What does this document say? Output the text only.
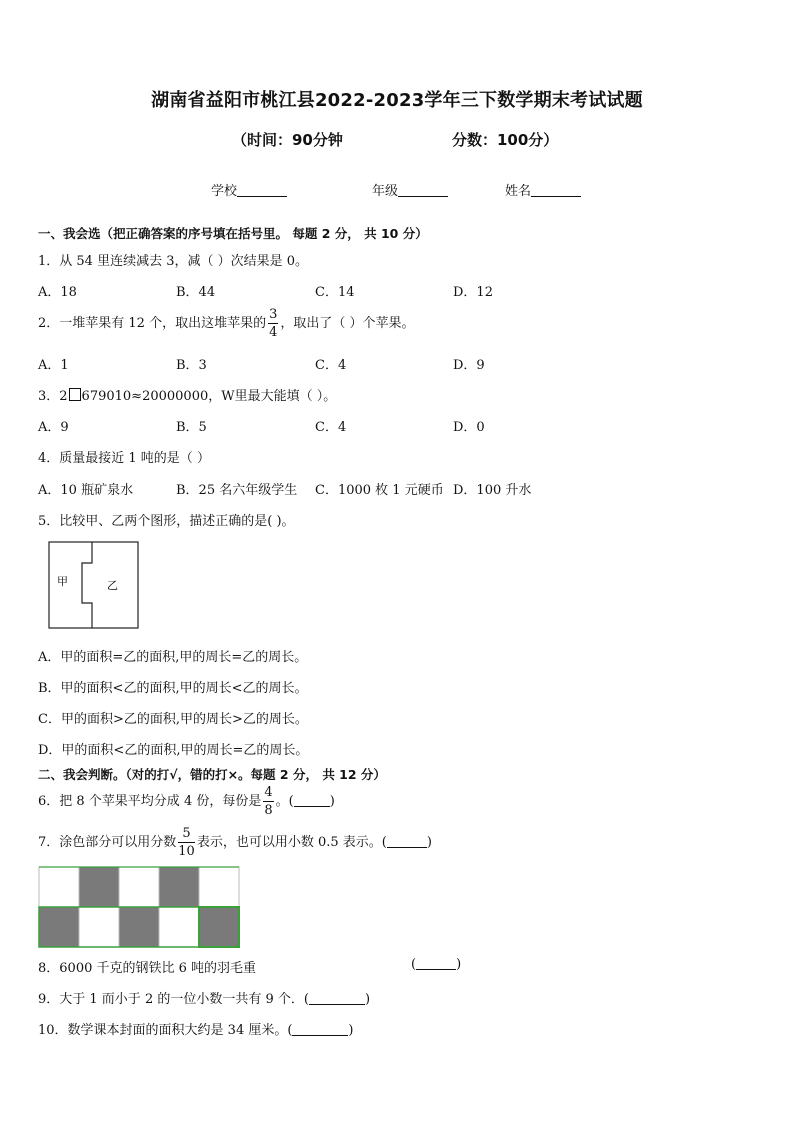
湖南省益阳市桃江县2022-2023学年三下数学期末考试试题
（时间：90分钟	分数：100分）
学校	年级	姓名
一、我会选（把正确答案的序号填在括号里。 每题 2 分， 共 10 分）
1．从 54 里连续减去 3，减（ ）次结果是 0。
A．18	B．44	C．14	D．12
2．一堆苹果有 12 个，取出这堆苹果的 $\frac{3}{4}$ ，取出了（ ）个苹果。
A．1	B．3	C．4	D．9
3．2 679010≈20000000，W里最大能填（ ）。
A．9	B．5	C．4	D．0
4．质量最接近 1 吨的是（ ）
A．10 瓶矿泉水	B．25 名六年级学生 C．1000 枚 1 元硬币 D．100 升水
5．比较甲、乙两个图形，描述正确的是( )。
甲	乙
A．甲的面积=乙的面积,甲的周长=乙的周长。
B．甲的面积<乙的面积,甲的周长<乙的周长。
C．甲的面积>乙的面积,甲的周长>乙的周长。
D．甲的面积<乙的面积,甲的周长=乙的周长。
二、我会判断。（对的打√，错的打×。每题 2 分， 共 12 分）
6．把 8 个苹果平均分成 4 份，每份是 $\frac{4}{8}$ 。(	)
7．涂色部分可以用分数 $\frac{5}{10}$ 表示，也可以用小数 0.5 表示。(	)
8．6000 千克的钢铁比 6 吨的羽毛重	(	)
9．大于 1 而小于 2 的一位小数一共有 9 个．(	)
10．数学课本封面的面积大约是 34 厘米。(	)
